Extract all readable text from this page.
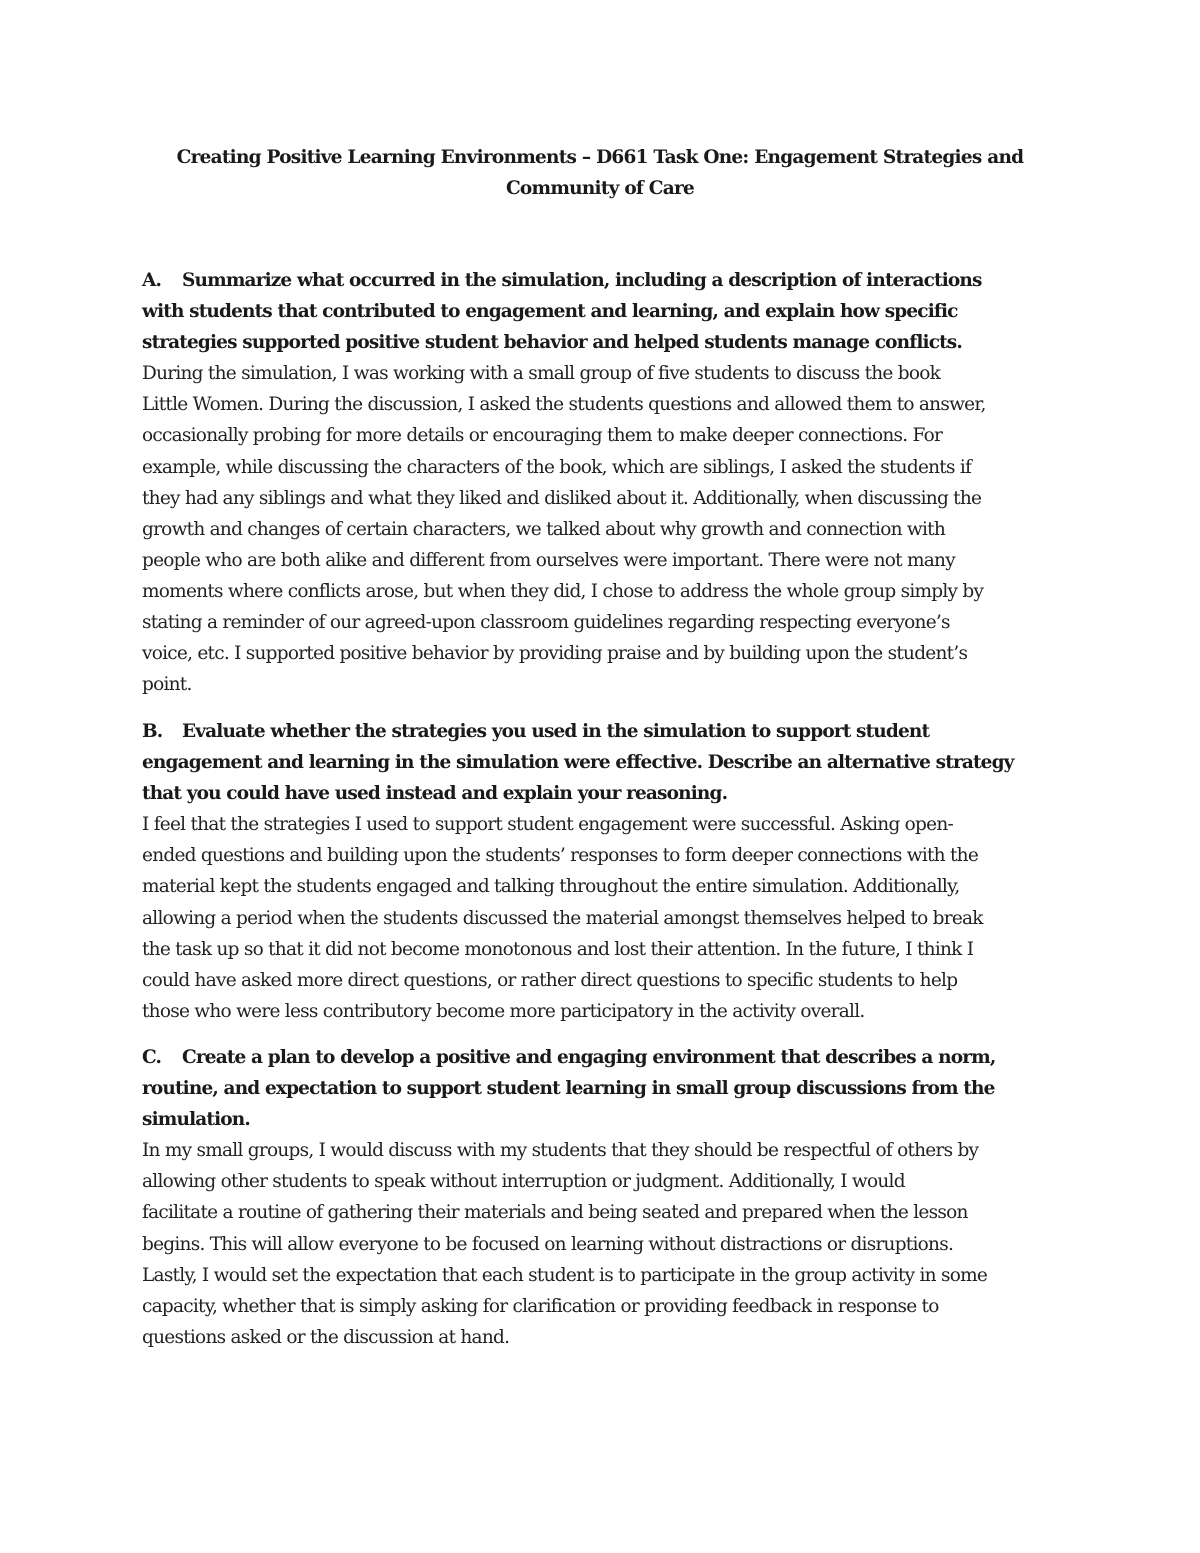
Creating Positive Learning Environments – D661 Task One: Engagement Strategies and
Community of Care
A. Summarize what occurred in the simulation, including a description of interactions
with students that contributed to engagement and learning, and explain how specific
strategies supported positive student behavior and helped students manage conflicts.
During the simulation, I was working with a small group of five students to discuss the book
Little Women. During the discussion, I asked the students questions and allowed them to answer,
occasionally probing for more details or encouraging them to make deeper connections. For
example, while discussing the characters of the book, which are siblings, I asked the students if
they had any siblings and what they liked and disliked about it. Additionally, when discussing the
growth and changes of certain characters, we talked about why growth and connection with
people who are both alike and different from ourselves were important. There were not many
moments where conflicts arose, but when they did, I chose to address the whole group simply by
stating a reminder of our agreed-upon classroom guidelines regarding respecting everyone’s
voice, etc. I supported positive behavior by providing praise and by building upon the student’s
point.
B. Evaluate whether the strategies you used in the simulation to support student
engagement and learning in the simulation were effective. Describe an alternative strategy
that you could have used instead and explain your reasoning.
I feel that the strategies I used to support student engagement were successful. Asking open-
ended questions and building upon the students’ responses to form deeper connections with the
material kept the students engaged and talking throughout the entire simulation. Additionally,
allowing a period when the students discussed the material amongst themselves helped to break
the task up so that it did not become monotonous and lost their attention. In the future, I think I
could have asked more direct questions, or rather direct questions to specific students to help
those who were less contributory become more participatory in the activity overall.
C. Create a plan to develop a positive and engaging environment that describes a norm,
routine, and expectation to support student learning in small group discussions from the
simulation.
In my small groups, I would discuss with my students that they should be respectful of others by
allowing other students to speak without interruption or judgment. Additionally, I would
facilitate a routine of gathering their materials and being seated and prepared when the lesson
begins. This will allow everyone to be focused on learning without distractions or disruptions.
Lastly, I would set the expectation that each student is to participate in the group activity in some
capacity, whether that is simply asking for clarification or providing feedback in response to
questions asked or the discussion at hand.
